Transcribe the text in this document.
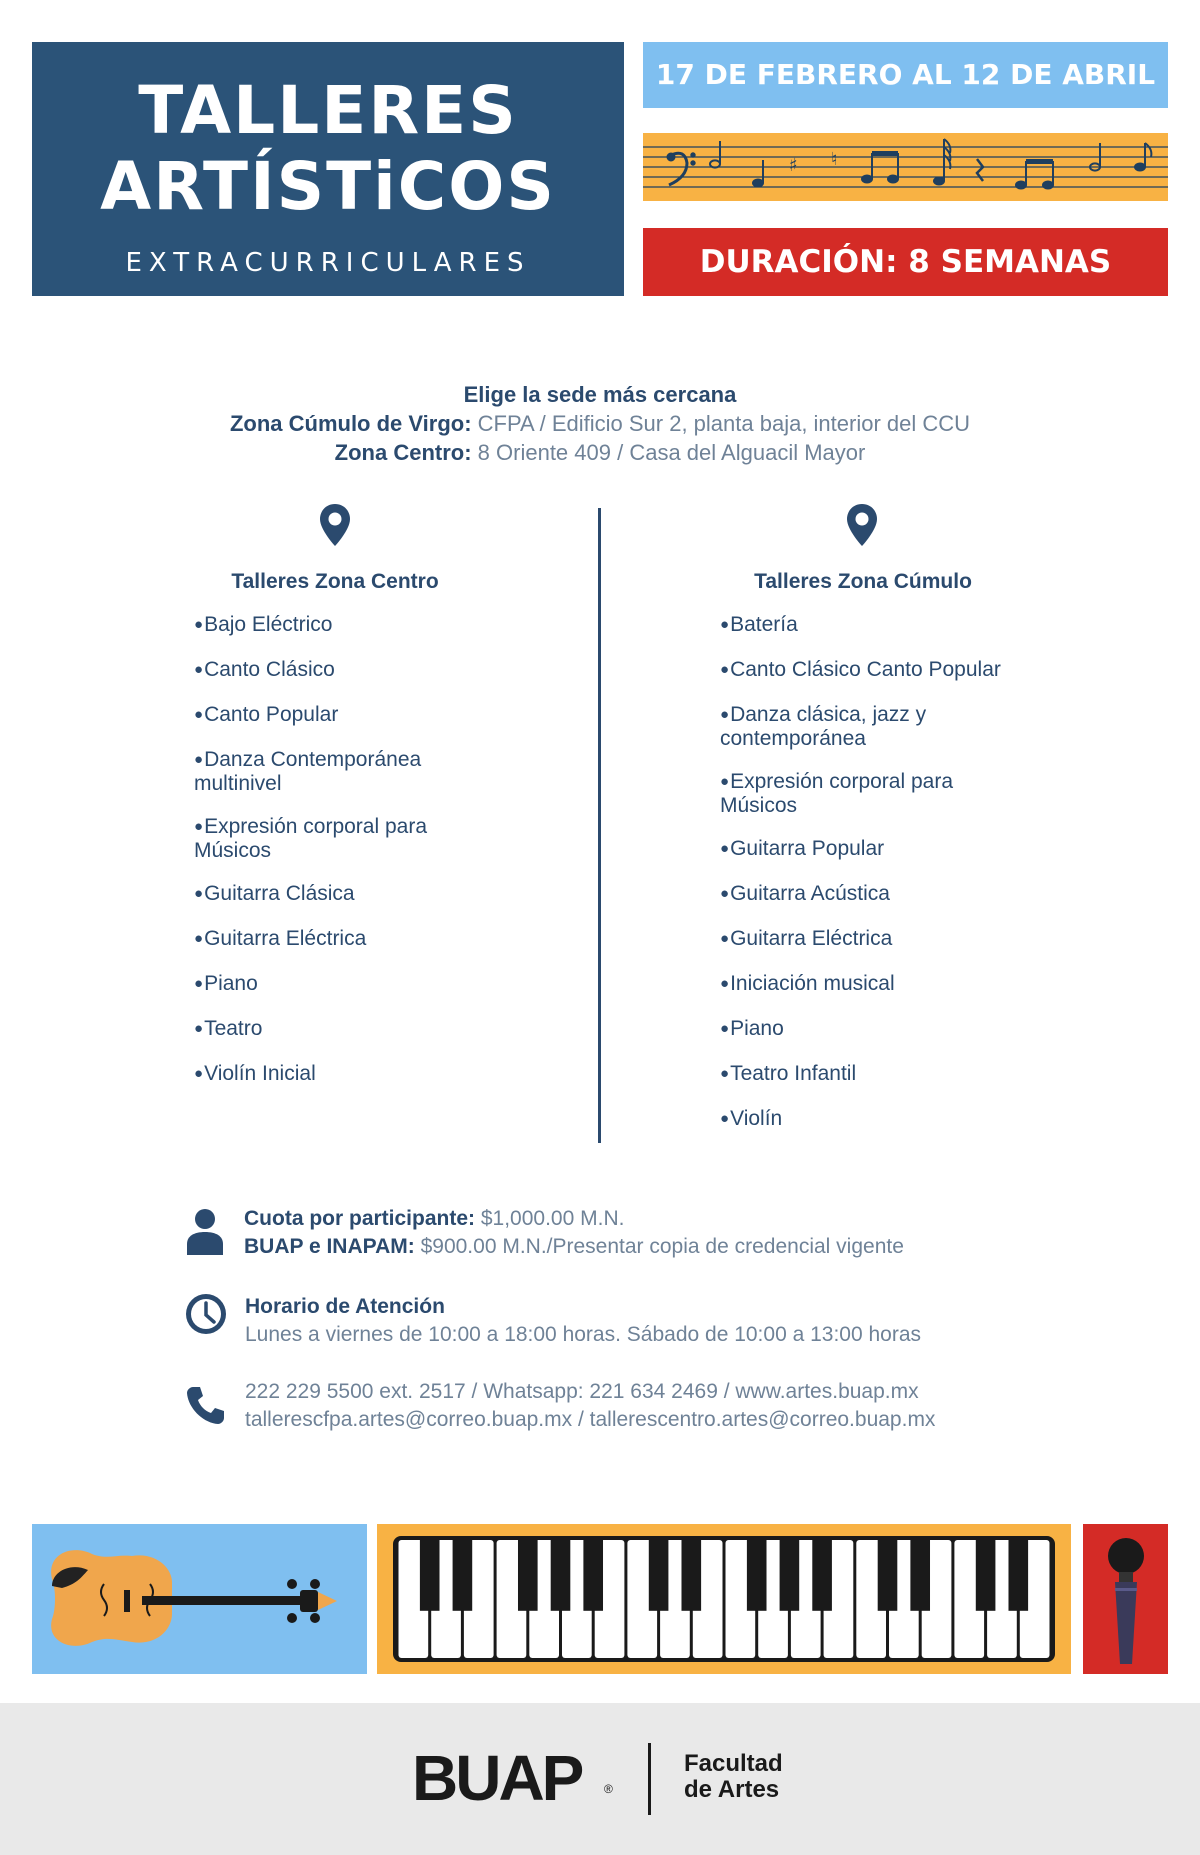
TALLERES
ARTÍSTiCOS
EXTRACURRICULARES
17 DE FEBRERO AL 12 DE ABRIL
♯ ♮
DURACIÓN: 8 SEMANAS
Elige la sede más cercana
Zona Cúmulo de Virgo: CFPA / Edificio Sur 2, planta baja, interior del CCU
Zona Centro: 8 Oriente 409 / Casa del Alguacil Mayor
Talleres Zona Centro	Talleres Zona Cúmulo
● Bajo Eléctrico
● Canto Clásico
● Canto Popular
● Danza Contemporánea multinivel
● Expresión corporal para Músicos
● Guitarra Clásica
● Guitarra Eléctrica
● Piano
● Teatro
● Violín Inicial
● Batería
● Canto Clásico Canto Popular
● Danza clásica, jazz y contemporánea
● Expresión corporal para Músicos
● Guitarra Popular
● Guitarra Acústica
● Guitarra Eléctrica
● Iniciación musical
● Piano
● Teatro Infantil
● Violín
Cuota por participante: $1,000.00 M.N.
BUAP e INAPAM: $900.00 M.N./Presentar copia de credencial vigente
Horario de Atención
Lunes a viernes de 10:00 a 18:00 horas. Sábado de 10:00 a 13:00 horas
222 229 5500 ext. 2517 / Whatsapp: 221 634 2469 / www.artes.buap.mx
tallerescfpa.artes@correo.buap.mx / tallerescentro.artes@correo.buap.mx
BUAP ®
Facultad
de Artes
